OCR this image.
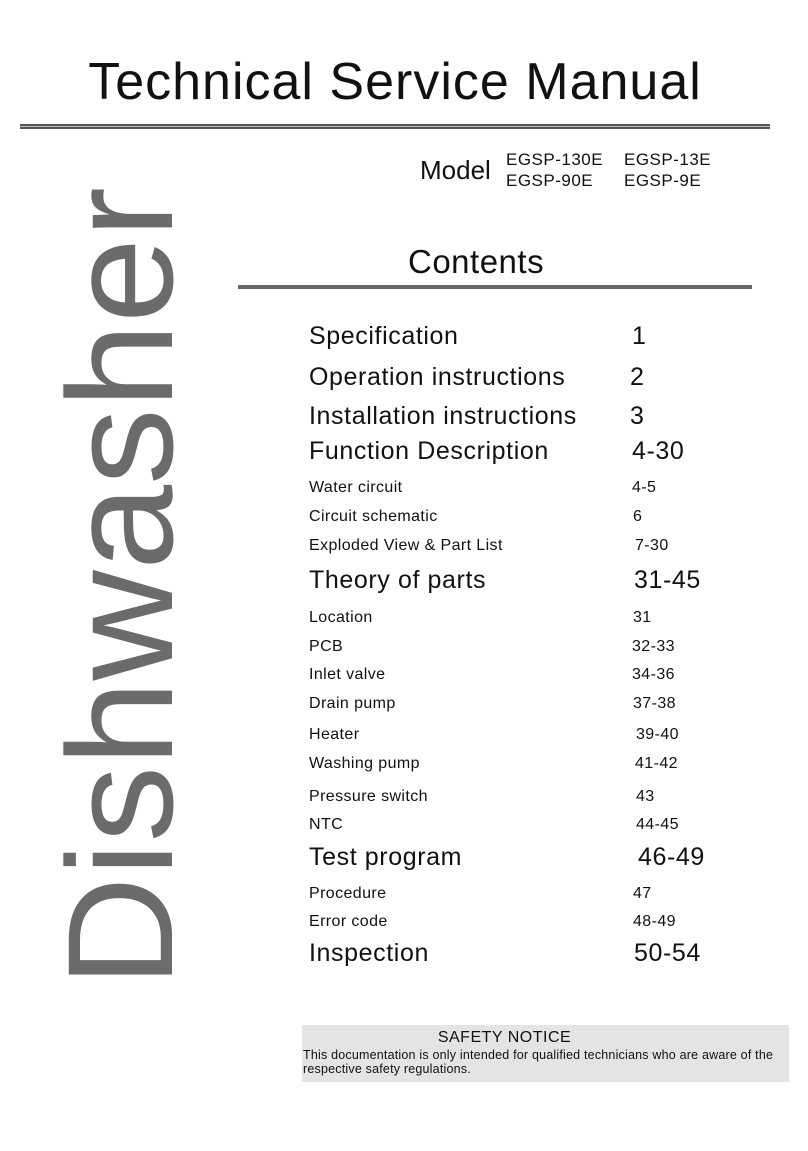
Technical Service Manual
Model EGSP-130E EGSP-13E
EGSP-90E EGSP-9E
Dishwasher	Contents
Specification	1
Operation instructions	2
Installation instructions 3
Function Description	4-30
Water circuit	4-5
Circuit schematic	6
Exploded View & Part List	7-30
Theory of parts	31-45
Location	31
PCB	32-33
Inlet valve	34-36
Drain pump	37-38
Heater	39-40
Washing pump	41-42
Pressure switch	43
NTC	44-45
Test program	46-49
Procedure	47
Error code	48-49
Inspection	50-54
SAFETY NOTICE
This documentation is only intended for qualified technicians who are aware of the respective safety regulations.
